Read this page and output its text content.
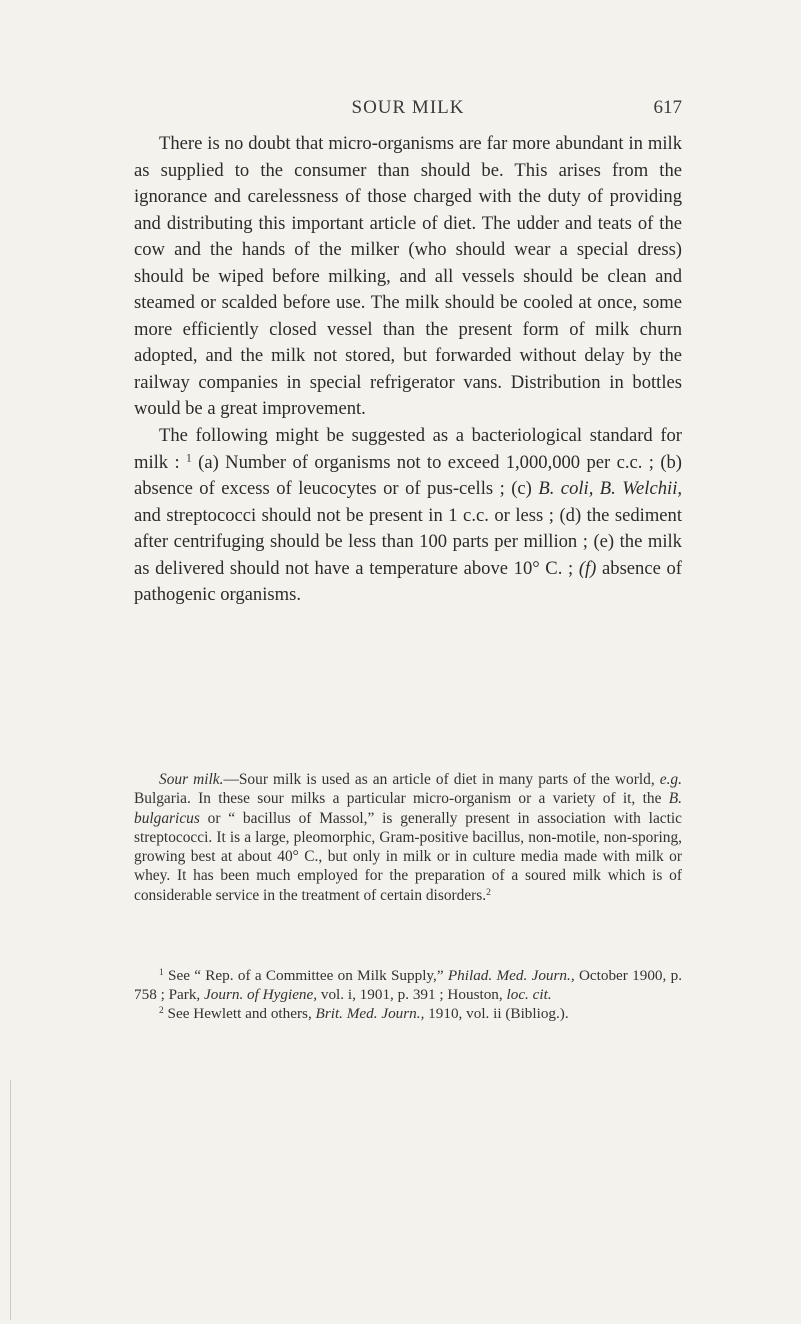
SOUR MILK	617

There is no doubt that micro-organisms are far more abundant in milk as supplied to the consumer than should be. This arises from the ignorance and carelessness of those charged with the duty of providing and distributing this important article of diet. The udder and teats of the cow and the hands of the milker (who should wear a special dress) should be wiped before milking, and all vessels should be clean and steamed or scalded before use. The milk should be cooled at once, some more efficiently closed vessel than the present form of milk churn adopted, and the milk not stored, but forwarded without delay by the railway companies in special refrigerator vans. Distribution in bottles would be a great improvement.

The following might be suggested as a bacteriological standard for milk : $^1$ (a) Number of organisms not to exceed 1,000,000 per c.c. ; (b) absence of excess of leucocytes or of pus-cells ; (c) B. coli, B. Welchii, and streptococci should not be present in 1 c.c. or less ; (d) the sediment after centrifuging should be less than 100 parts per million ; (e) the milk as delivered should not have a temperature above 10° C. ; (f) absence of pathogenic organisms.

Sour milk.—Sour milk is used as an article of diet in many parts of the world, e.g. Bulgaria. In these sour milks a particular micro-organism or a variety of it, the B. bulgaricus or “ bacillus of Massol,” is generally present in association with lactic streptococci. It is a large, pleomorphic, Gram-positive bacillus, non-motile, non-sporing, growing best at about 40° C., but only in milk or in culture media made with milk or whey. It has been much employed for the preparation of a soured milk which is of considerable service in the treatment of certain disorders.$^2$

$^1$ See “ Rep. of a Committee on Milk Supply,” Philad. Med. Journ., October 1900, p. 758 ; Park, Journ. of Hygiene, vol. i, 1901, p. 391 ; Houston, loc. cit.

$^2$ See Hewlett and others, Brit. Med. Journ., 1910, vol. ii (Bibliog.).
